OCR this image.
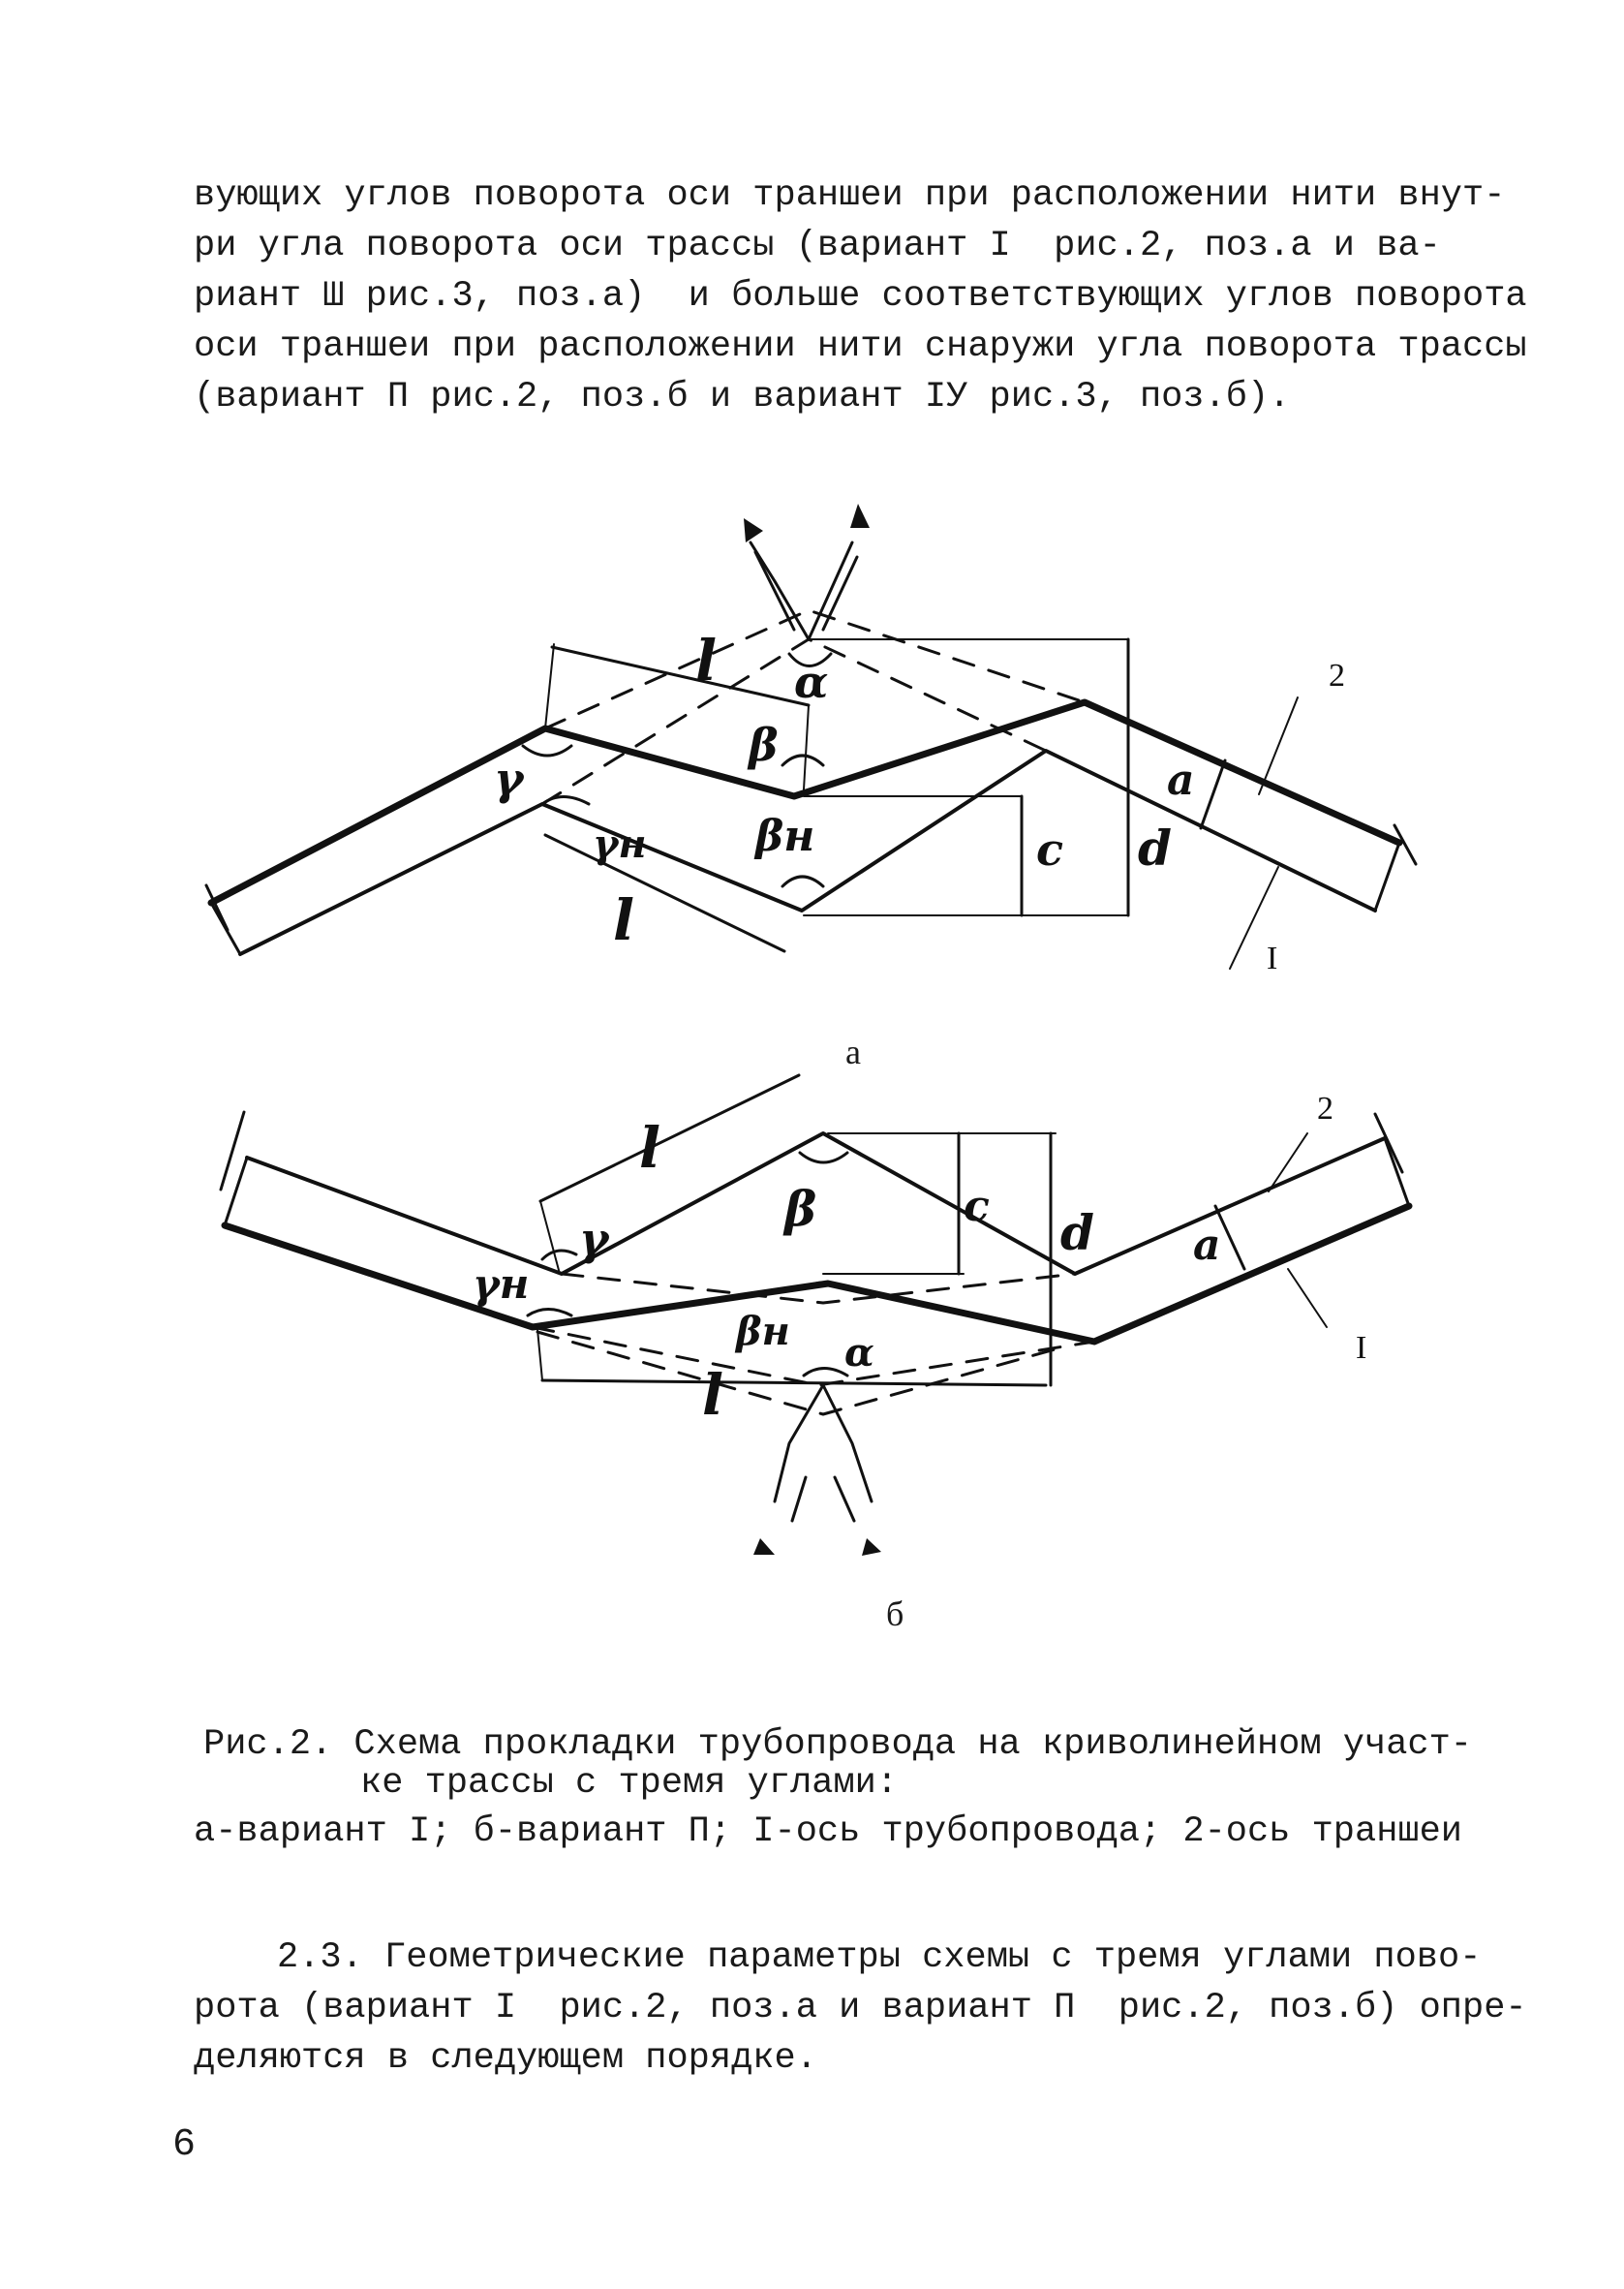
вующих углов поворота оси траншеи при расположении нити внут-
ри угла поворота оси трассы (вариант I  рис.2, поз.а и ва-
риант Ш рис.3, поз.а)  и больше соответствующих углов поворота
оси траншеи при расположении нити снаружи угла поворота трассы
(вариант П рис.2, поз.б и вариант IУ рис.3, поз.б).
l α
β
γ
γн	βн
l
c d
a
2
I
а
l
β
γ
γн
βн α
l
c d a
2
I
б
Рис.2. Схема прокладки трубопровода на криволинейном участ-
ке трассы с тремя углами:
а-вариант I; б-вариант П; I-ось трубопровода; 2-ось траншеи
2.3. Геометрические параметры схемы с тремя углами пово-
рота (вариант I  рис.2, поз.а и вариант П  рис.2, поз.б) опре-
деляются в следующем порядке.
6
